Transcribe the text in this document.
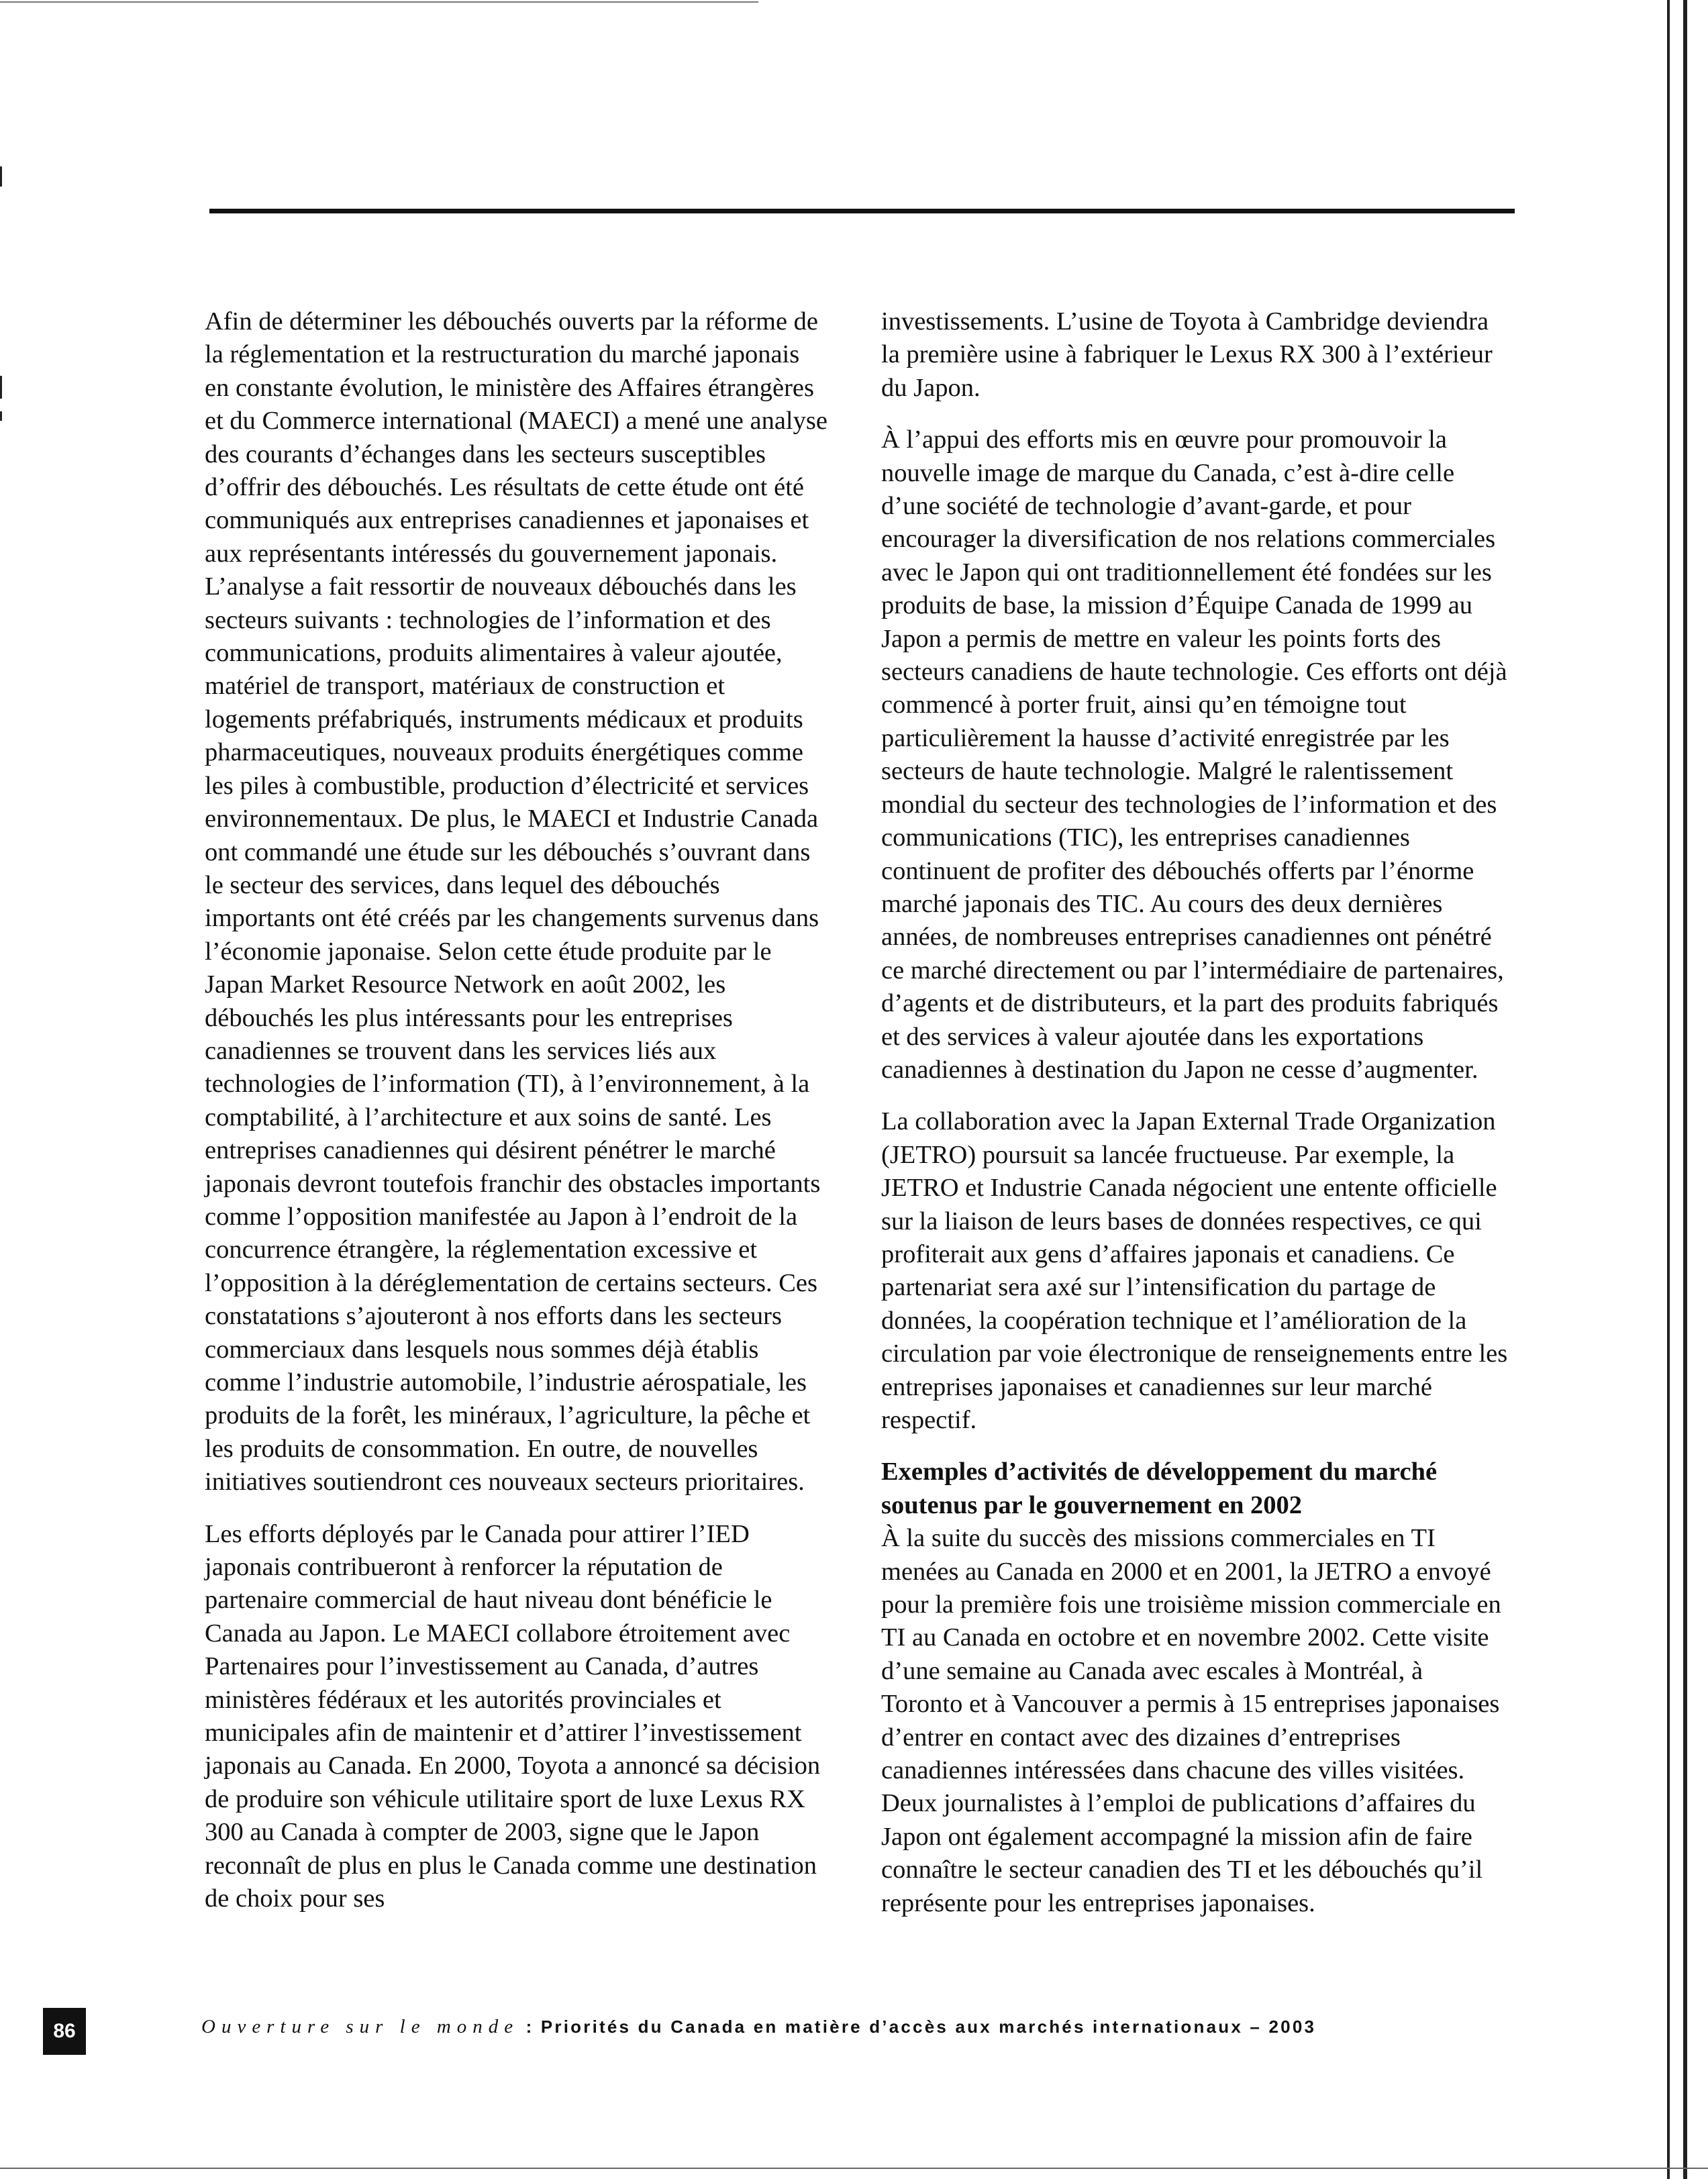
Afin de déterminer les débouchés ouverts par la réforme de la réglementation et la restructuration du marché japonais en constante évolution, le ministère des Affaires étrangères et du Commerce international (MAECI) a mené une analyse des courants d’échanges dans les secteurs susceptibles d’offrir des débouchés. Les résultats de cette étude ont été communiqués aux entreprises canadiennes et japonaises et aux représentants intéressés du gouvernement japonais. L’analyse a fait ressortir de nouveaux débouchés dans les secteurs suivants : technologies de l’information et des communications, produits alimentaires à valeur ajoutée, matériel de transport, matériaux de construction et logements préfabriqués, instruments médicaux et produits pharmaceutiques, nouveaux produits énergétiques comme les piles à combustible, production d’électricité et services environnementaux. De plus, le MAECI et Industrie Canada ont commandé une étude sur les débouchés s’ouvrant dans le secteur des services, dans lequel des débouchés importants ont été créés par les changements survenus dans l’économie japonaise. Selon cette étude produite par le Japan Market Resource Network en août 2002, les débouchés les plus intéressants pour les entreprises canadiennes se trouvent dans les services liés aux technologies de l’information (TI), à l’environnement, à la comptabilité, à l’architecture et aux soins de santé. Les entreprises canadiennes qui désirent pénétrer le marché japonais devront toutefois franchir des obstacles importants comme l’opposition manifestée au Japon à l’endroit de la concurrence étrangère, la réglementation excessive et l’opposition à la déréglementation de certains secteurs. Ces constatations s’ajouteront à nos efforts dans les secteurs commerciaux dans lesquels nous sommes déjà établis comme l’industrie automobile, l’industrie aérospatiale, les produits de la forêt, les minéraux, l’agriculture, la pêche et les produits de consommation. En outre, de nouvelles initiatives soutiendront ces nouveaux secteurs prioritaires.

Les efforts déployés par le Canada pour attirer l’IED japonais contribueront à renforcer la réputation de partenaire commercial de haut niveau dont bénéficie le Canada au Japon. Le MAECI collabore étroitement avec Partenaires pour l’investissement au Canada, d’autres ministères fédéraux et les autorités provinciales et municipales afin de maintenir et d’attirer l’investissement japonais au Canada. En 2000, Toyota a annoncé sa décision de produire son véhicule utilitaire sport de luxe Lexus RX 300 au Canada à compter de 2003, signe que le Japon reconnaît de plus en plus le Canada comme une destination de choix pour ses

investissements. L’usine de Toyota à Cambridge deviendra la première usine à fabriquer le Lexus RX 300 à l’extérieur du Japon.

À l’appui des efforts mis en œuvre pour promouvoir la nouvelle image de marque du Canada, c’est à-dire celle d’une société de technologie d’avant-garde, et pour encourager la diversification de nos relations commerciales avec le Japon qui ont traditionnellement été fondées sur les produits de base, la mission d’Équipe Canada de 1999 au Japon a permis de mettre en valeur les points forts des secteurs canadiens de haute technologie. Ces efforts ont déjà commencé à porter fruit, ainsi qu’en témoigne tout particulièrement la hausse d’activité enregistrée par les secteurs de haute technologie. Malgré le ralentissement mondial du secteur des technologies de l’information et des communications (TIC), les entreprises canadiennes continuent de profiter des débouchés offerts par l’énorme marché japonais des TIC. Au cours des deux dernières années, de nombreuses entreprises canadiennes ont pénétré ce marché directement ou par l’intermédiaire de partenaires, d’agents et de distributeurs, et la part des produits fabriqués et des services à valeur ajoutée dans les exportations canadiennes à destination du Japon ne cesse d’augmenter.

La collaboration avec la Japan External Trade Organization (JETRO) poursuit sa lancée fructueuse. Par exemple, la JETRO et Industrie Canada négocient une entente officielle sur la liaison de leurs bases de données respectives, ce qui profiterait aux gens d’affaires japonais et canadiens. Ce partenariat sera axé sur l’intensification du partage de données, la coopération technique et l’amélioration de la circulation par voie électronique de renseignements entre les entreprises japonaises et canadiennes sur leur marché respectif.

Exemples d’activités de développement du marché soutenus par le gouvernement en 2002

À la suite du succès des missions commerciales en TI menées au Canada en 2000 et en 2001, la JETRO a envoyé pour la première fois une troisième mission commerciale en TI au Canada en octobre et en novembre 2002. Cette visite d’une semaine au Canada avec escales à Montréal, à Toronto et à Vancouver a permis à 15 entreprises japonaises d’entrer en contact avec des dizaines d’entreprises canadiennes intéressées dans chacune des villes visitées. Deux journalistes à l’emploi de publications d’affaires du Japon ont également accompagné la mission afin de faire connaître le secteur canadien des TI et les débouchés qu’il représente pour les entreprises japonaises.

86	Ouverture sur le monde : Priorités du Canada en matière d’accès aux marchés internationaux – 2003
